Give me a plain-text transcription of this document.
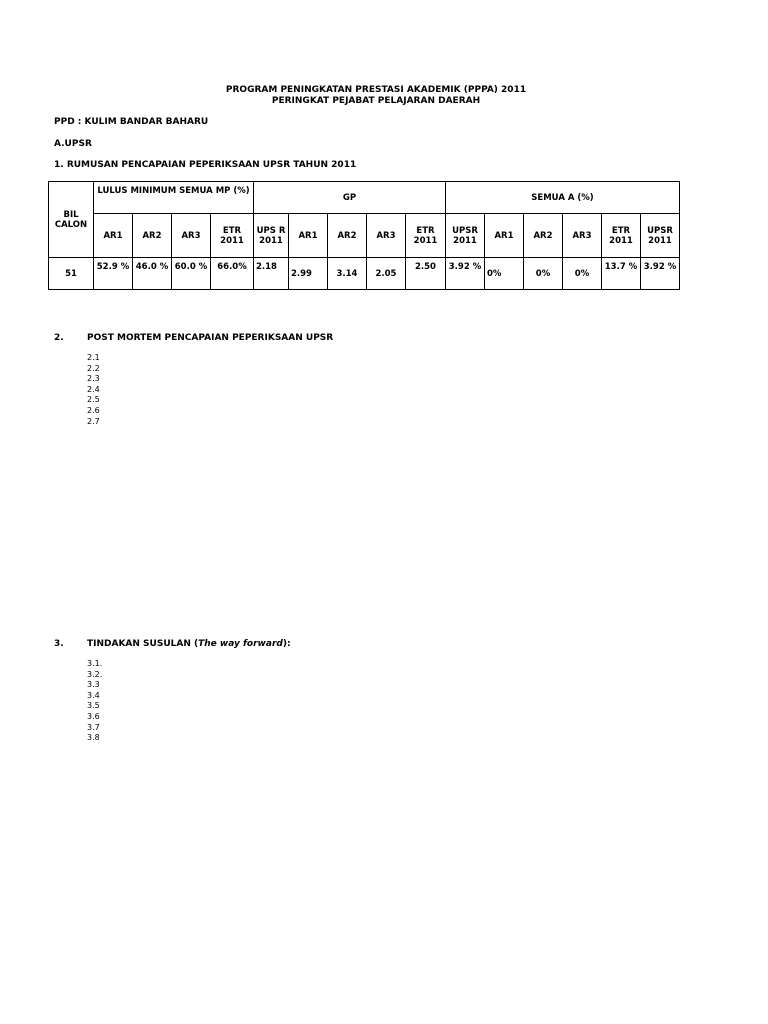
PROGRAM PENINGKATAN PRESTASI AKADEMIK (PPPA) 2011
PERINGKAT PEJABAT PELAJARAN DAERAH
PPD : KULIM BANDAR BAHARU
A.UPSR
1. RUMUSAN PENCAPAIAN PEPERIKSAAN UPSR TAHUN 2011
BIL CALON	LULUS MINIMUM SEMUA MP (%)				GP					SEMUA A (%)					
	AR1	AR2	AR3	ETR 2011	UPS R 2011	AR1	AR2	AR3	ETR 2011	UPSR 2011	AR1	AR2	AR3	ETR 2011	UPSR 2011
51	52.9 %	46.0 %	60.0 %	66.0%	2.18	2.99	3.14	2.05	2.50	3.92 %	0%	0%	0%	13.7 %	3.92 %
2.	POST MORTEM PENCAPAIAN PEPERIKSAAN UPSR
2.1
2.2
2.3
2.4
2.5
2.6
2.7
3.	TINDAKAN SUSULAN (The way forward):
3.1.
3.2.
3.3
3.4
3.5
3.6
3.7
3.8
